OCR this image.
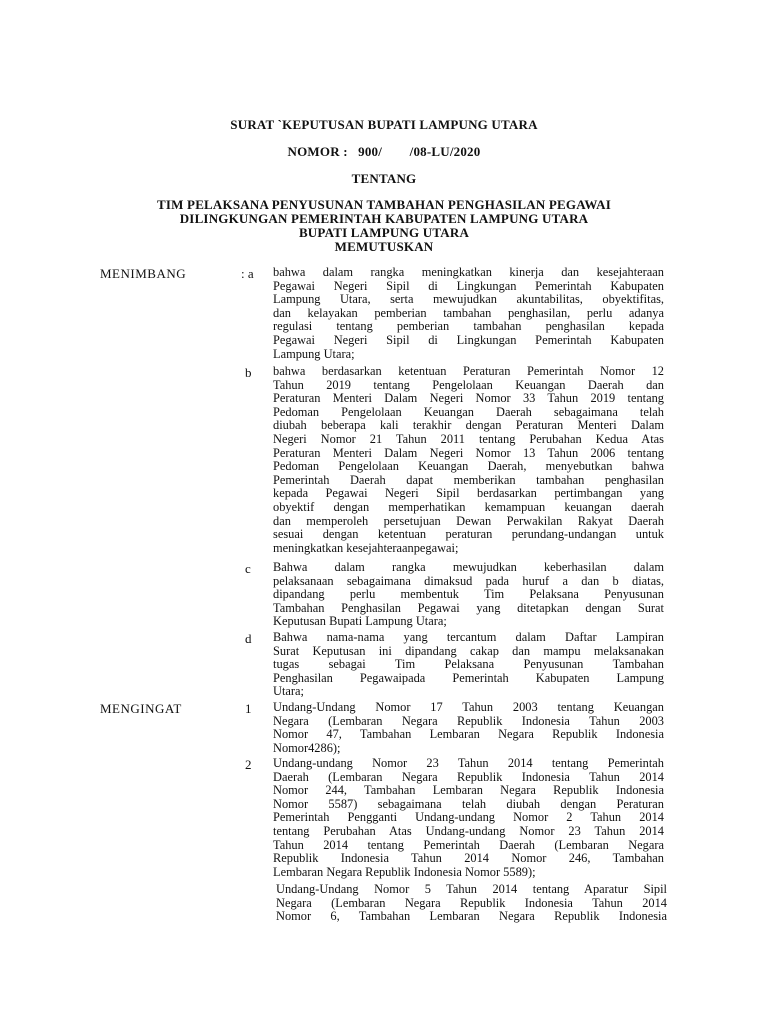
SURAT `KEPUTUSAN BUPATI LAMPUNG UTARA
NOMOR :   900/        /08-LU/2020
TENTANG
TIM PELAKSANA PENYUSUNAN TAMBAHAN PENGHASILAN PEGAWAI
DILINGKUNGAN PEMERINTAH KABUPATEN LAMPUNG UTARA
BUPATI LAMPUNG UTARA
MEMUTUSKAN
MENIMBANG	: a bahwa dalam rangka meningkatkan kinerja dan kesejahteraan
Pegawai Negeri Sipil di Lingkungan Pemerintah Kabupaten
Lampung Utara, serta mewujudkan akuntabilitas, obyektifitas,
dan kelayakan pemberian tambahan penghasilan, perlu adanya
regulasi tentang pemberian tambahan penghasilan kepada
Pegawai Negeri Sipil di Lingkungan Pemerintah Kabupaten
Lampung Utara;
b bahwa berdasarkan ketentuan Peraturan Pemerintah Nomor 12
Tahun 2019 tentang Pengelolaan Keuangan Daerah dan
Peraturan Menteri Dalam Negeri Nomor 33 Tahun 2019 tentang
Pedoman Pengelolaan Keuangan Daerah sebagaimana telah
diubah beberapa kali terakhir dengan Peraturan Menteri Dalam
Negeri Nomor 21 Tahun 2011 tentang Perubahan Kedua Atas
Peraturan Menteri Dalam Negeri Nomor 13 Tahun 2006 tentang
Pedoman Pengelolaan Keuangan Daerah, menyebutkan bahwa
Pemerintah Daerah dapat memberikan tambahan penghasilan
kepada Pegawai Negeri Sipil berdasarkan pertimbangan yang
obyektif dengan memperhatikan kemampuan keuangan daerah
dan memperoleh persetujuan Dewan Perwakilan Rakyat Daerah
sesuai dengan ketentuan peraturan perundang-undangan untuk
meningkatkan kesejahteraanpegawai;
c Bahwa dalam rangka mewujudkan keberhasilan dalam
pelaksanaan sebagaimana dimaksud pada huruf a dan b diatas,
dipandang perlu membentuk Tim Pelaksana Penyusunan
Tambahan Penghasilan Pegawai yang ditetapkan dengan Surat
Keputusan Bupati Lampung Utara;
d Bahwa nama-nama yang tercantum dalam Daftar Lampiran
Surat Keputusan ini dipandang cakap dan mampu melaksanakan
tugas sebagai Tim Pelaksana Penyusunan Tambahan
Penghasilan Pegawaipada Pemerintah Kabupaten Lampung
Utara;
MENGINGAT	1 Undang-Undang Nomor 17 Tahun 2003 tentang Keuangan
Negara (Lembaran Negara Republik Indonesia Tahun 2003
Nomor 47, Tambahan Lembaran Negara Republik Indonesia
Nomor4286);
2 Undang-undang Nomor 23 Tahun 2014 tentang Pemerintah
Daerah (Lembaran Negara Republik Indonesia Tahun 2014
Nomor 244, Tambahan Lembaran Negara Republik Indonesia
Nomor 5587) sebagaimana telah diubah dengan Peraturan
Pemerintah Pengganti Undang-undang Nomor 2 Tahun 2014
tentang Perubahan Atas Undang-undang Nomor 23 Tahun 2014
Tahun 2014 tentang Pemerintah Daerah (Lembaran Negara
Republik Indonesia Tahun 2014 Nomor 246, Tambahan
Lembaran Negara Republik Indonesia Nomor 5589);
Undang-Undang Nomor 5 Tahun 2014 tentang Aparatur Sipil
Negara (Lembaran Negara Republik Indonesia Tahun 2014
Nomor 6, Tambahan Lembaran Negara Republik Indonesia
